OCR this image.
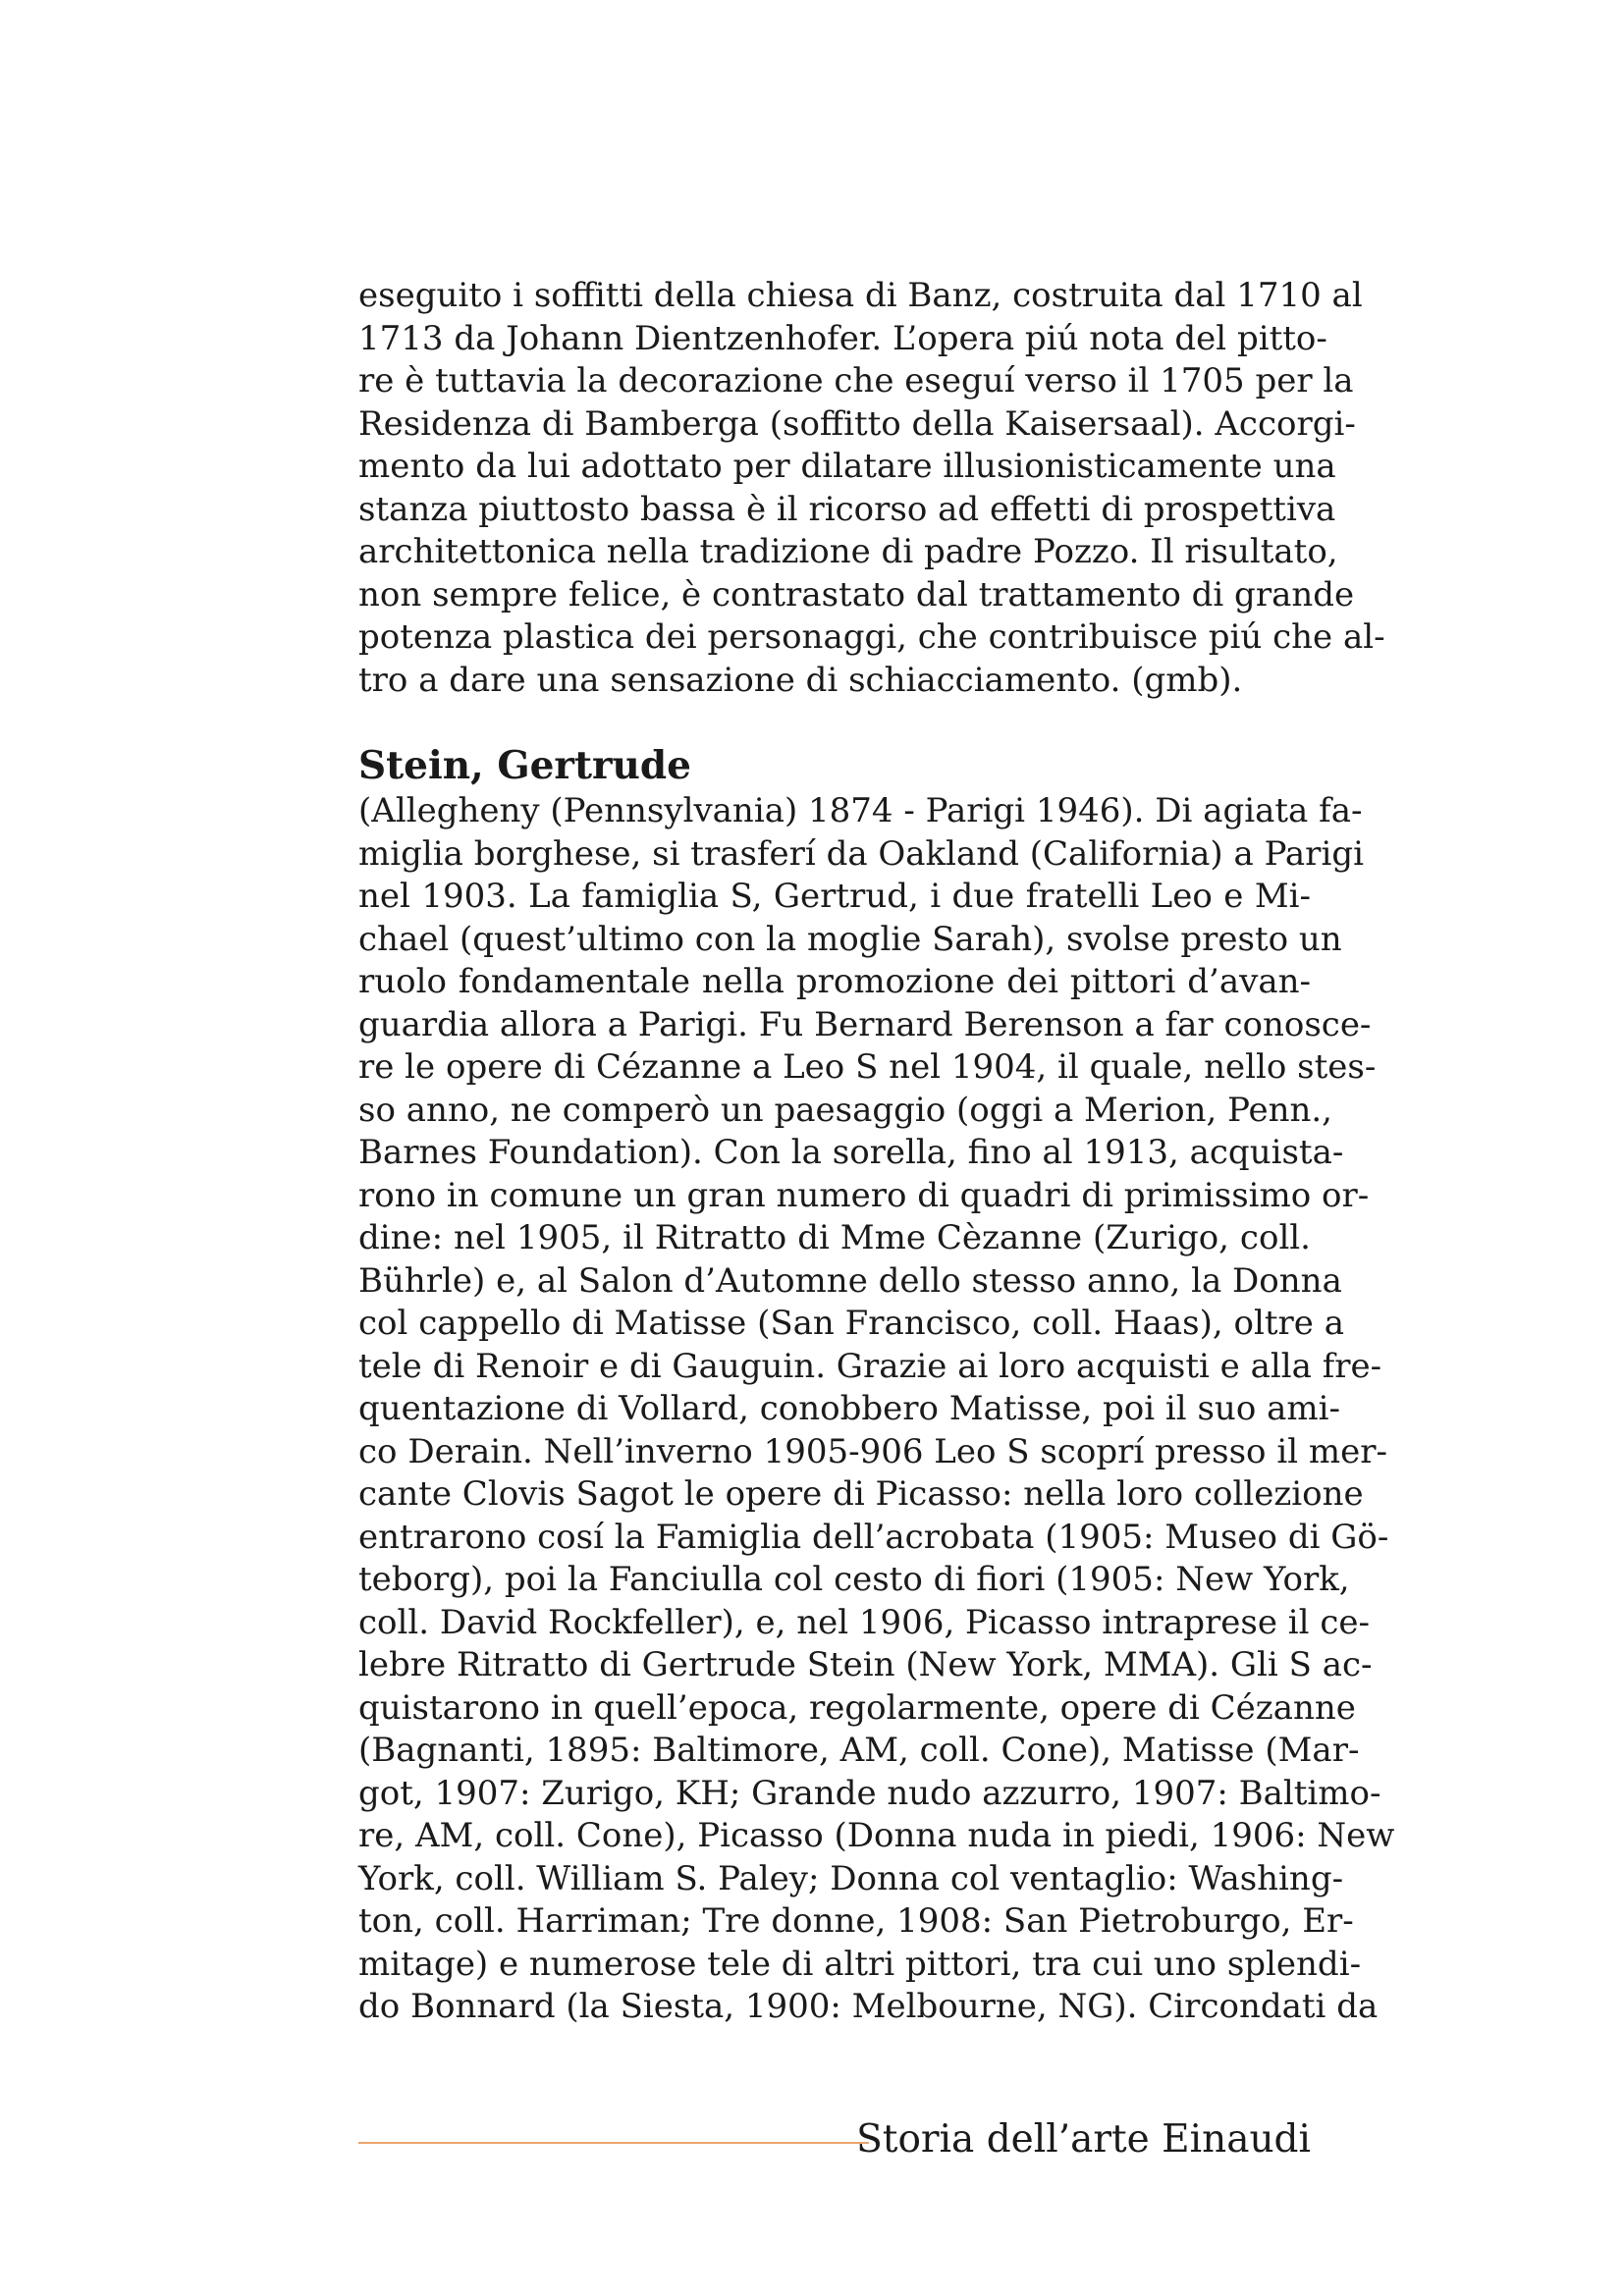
eseguito i soffitti della chiesa di Banz, costruita dal 1710 al
1713 da Johann Dientzenhofer. L’opera piú nota del pitto-
re è tuttavia la decorazione che eseguí verso il 1705 per la
Residenza di Bamberga (soffitto della Kaisersaal). Accorgi-
mento da lui adottato per dilatare illusionisticamente una
stanza piuttosto bassa è il ricorso ad effetti di prospettiva
architettonica nella tradizione di padre Pozzo. Il risultato,
non sempre felice, è contrastato dal trattamento di grande
potenza plastica dei personaggi, che contribuisce piú che al-
tro a dare una sensazione di schiacciamento. (gmb).
Stein, Gertrude
(Allegheny (Pennsylvania) 1874 - Parigi 1946). Di agiata fa-
miglia borghese, si trasferí da Oakland (California) a Parigi
nel 1903. La famiglia S, Gertrud, i due fratelli Leo e Mi-
chael (quest’ultimo con la moglie Sarah), svolse presto un
ruolo fondamentale nella promozione dei pittori d’avan-
guardia allora a Parigi. Fu Bernard Berenson a far conosce-
re le opere di Cézanne a Leo S nel 1904, il quale, nello stes-
so anno, ne comperò un paesaggio (oggi a Merion, Penn.,
Barnes Foundation). Con la sorella, fino al 1913, acquista-
rono in comune un gran numero di quadri di primissimo or-
dine: nel 1905, il Ritratto di Mme Cèzanne (Zurigo, coll.
Bührle) e, al Salon d’Automne dello stesso anno, la Donna
col cappello di Matisse (San Francisco, coll. Haas), oltre a
tele di Renoir e di Gauguin. Grazie ai loro acquisti e alla fre-
quentazione di Vollard, conobbero Matisse, poi il suo ami-
co Derain. Nell’inverno 1905-906 Leo S scoprí presso il mer-
cante Clovis Sagot le opere di Picasso: nella loro collezione
entrarono cosí la Famiglia dell’acrobata (1905: Museo di Gö-
teborg), poi la Fanciulla col cesto di fiori (1905: New York,
coll. David Rockfeller), e, nel 1906, Picasso intraprese il ce-
lebre Ritratto di Gertrude Stein (New York, MMA). Gli S ac-
quistarono in quell’epoca, regolarmente, opere di Cézanne
(Bagnanti, 1895: Baltimore, AM, coll. Cone), Matisse (Mar-
got, 1907: Zurigo, KH; Grande nudo azzurro, 1907: Baltimo-
re, AM, coll. Cone), Picasso (Donna nuda in piedi, 1906: New
York, coll. William S. Paley; Donna col ventaglio: Washing-
ton, coll. Harriman; Tre donne, 1908: San Pietroburgo, Er-
mitage) e numerose tele di altri pittori, tra cui uno splendi-
do Bonnard (la Siesta, 1900: Melbourne, NG). Circondati da
Storia dell’arte Einaudi
